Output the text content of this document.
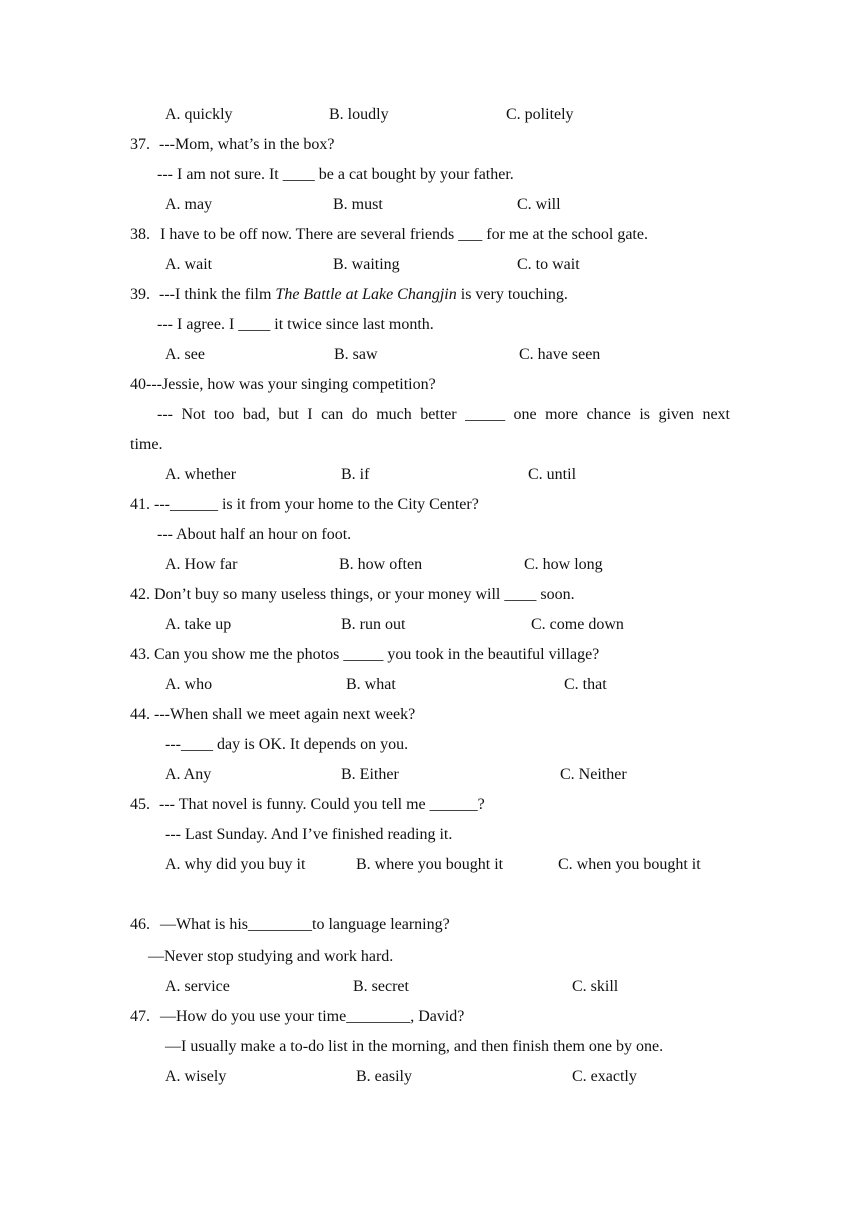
A. quickly	B. loudly	C. politely
37. ---Mom, what’s in the box?
--- I am not sure. It ____ be a cat bought by your father.
A. may	B. must	C. will
38. I have to be off now. There are several friends ___ for me at the school gate.
A. wait	B. waiting	C. to wait
39. ---I think the film The Battle at Lake Changjin is very touching.
--- I agree. I ____ it twice since last month.
A. see	B. saw	C. have seen
40---Jessie, how was your singing competition?
--- Not too bad, but I can do much better _____ one more chance is given next
time.
A. whether	B. if	C. until
41. ---______ is it from your home to the City Center?
--- About half an hour on foot.
A. How far	B. how often	C. how long
42. Don’t buy so many useless things, or your money will ____ soon.
A. take up	B. run out	C. come down
43. Can you show me the photos _____ you took in the beautiful village?
A. who	B. what	C. that
44. ---When shall we meet again next week?
---____ day is OK. It depends on you.
A. Any	B. Either	C. Neither
45. --- That novel is funny. Could you tell me ______?
--- Last Sunday. And I’ve finished reading it.
A. why did you buy it	B. where you bought it	C. when you bought it
46. —What is his________to language learning?
—Never stop studying and work hard.
A. service	B. secret	C. skill
47. —How do you use your time________, David?
—I usually make a to-do list in the morning, and then finish them one by one.
A. wisely	B. easily	C. exactly
